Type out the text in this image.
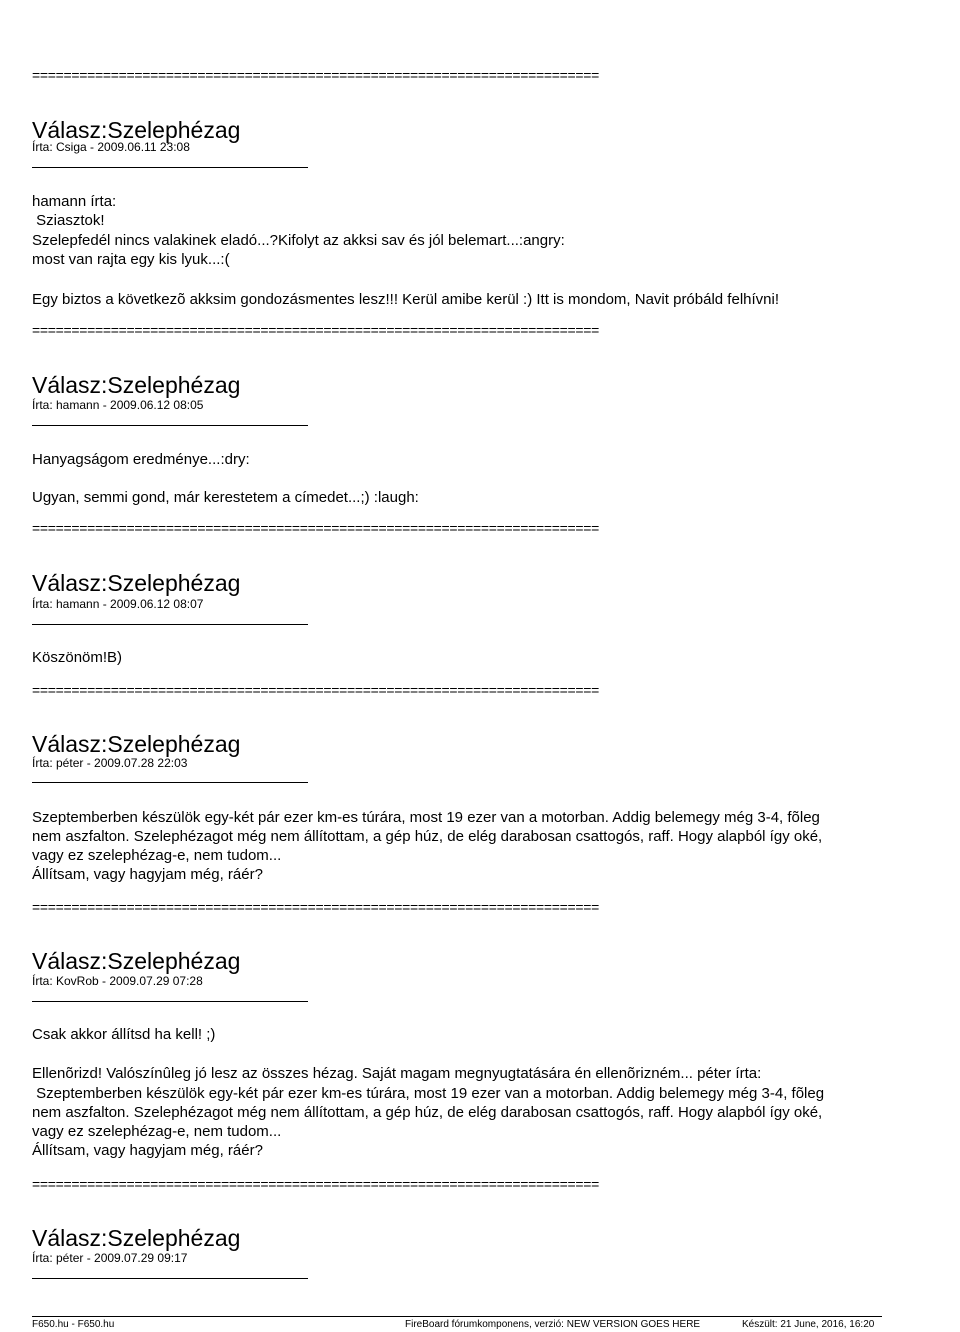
========================================================================
========================================================================
========================================================================
========================================================================
========================================================================
========================================================================
Válasz:Szelephézag
Írta: Csiga - 2009.06.11 23:08
hamann írta:
Sziasztok!
Szelepfedél nincs valakinek eladó...?Kifolyt az akksi sav és jól belemart...:angry:
most van rajta egy kis lyuk...:(
Egy biztos a következõ akksim gondozásmentes lesz!!! Kerül amibe kerül :) Itt is mondom, Navit próbáld felhívni!
Válasz:Szelephézag
Írta: hamann - 2009.06.12 08:05
Hanyagságom eredménye...:dry:
Ugyan, semmi gond, már kerestetem a címedet...;) :laugh:
Válasz:Szelephézag
Írta: hamann - 2009.06.12 08:07
Köszönöm!B)
Válasz:Szelephézag
Írta: péter - 2009.07.28 22:03
Szeptemberben készülök egy-két pár ezer km-es túrára, most 19 ezer van a motorban. Addig belemegy még 3-4, fõleg
nem aszfalton. Szelephézagot még nem állítottam, a gép húz, de elég darabosan csattogós, raff. Hogy alapból így oké,
vagy ez szelephézag-e, nem tudom...
Állítsam, vagy hagyjam még, ráér?
Válasz:Szelephézag
Írta: KovRob - 2009.07.29 07:28
Csak akkor állítsd ha kell! ;)
Ellenõrizd! Valószínûleg jó lesz az összes hézag. Saját magam megnyugtatására én ellenõrizném... péter írta:
Szeptemberben készülök egy-két pár ezer km-es túrára, most 19 ezer van a motorban. Addig belemegy még 3-4, fõleg
nem aszfalton. Szelephézagot még nem állítottam, a gép húz, de elég darabosan csattogós, raff. Hogy alapból így oké,
vagy ez szelephézag-e, nem tudom...
Állítsam, vagy hagyjam még, ráér?
Válasz:Szelephézag
Írta: péter - 2009.07.29 09:17
F650.hu - F650.hu	FireBoard fórumkomponens, verzió: NEW VERSION GOES HERE	Készült: 21 June, 2016, 16:20
